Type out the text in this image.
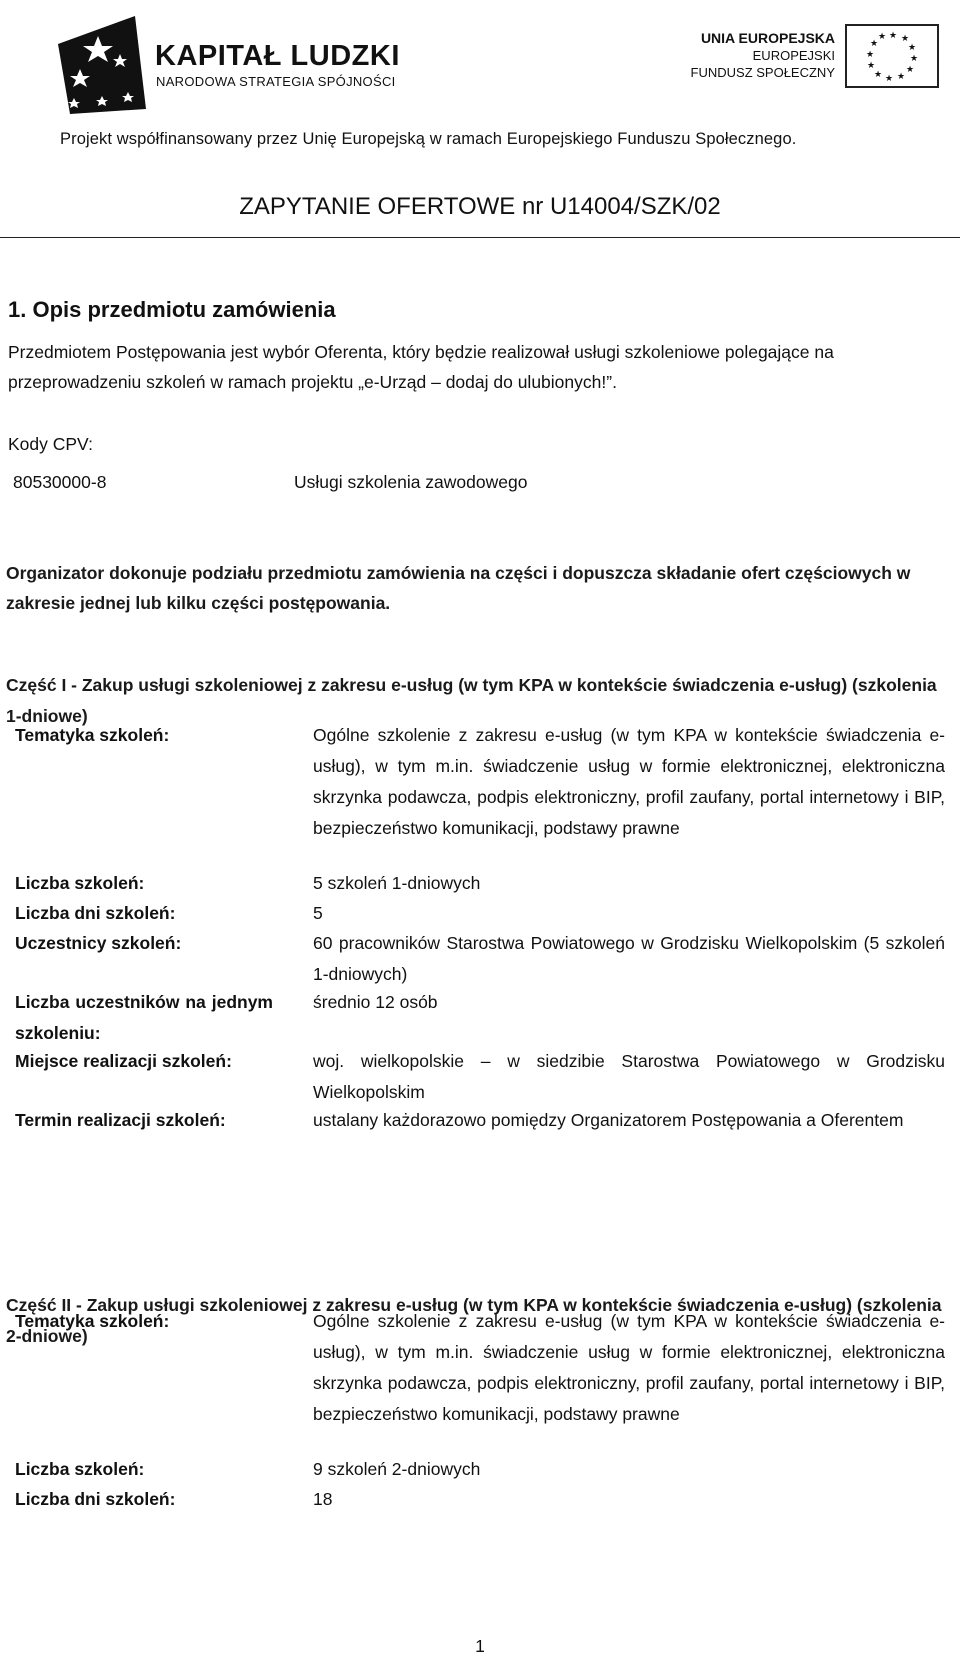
KAPITAŁ LUDZKI
NARODOWA STRATEGIA SPÓJNOŚCI
UNIA EUROPEJSKA
EUROPEJSKI
FUNDUSZ SPOŁECZNY
★ ★
★
★
★
★
★
★
★
★
★
★
Projekt współfinansowany przez Unię Europejską w ramach Europejskiego Funduszu Społecznego.
ZAPYTANIE OFERTOWE nr U14004/SZK/02
1. Opis przedmiotu zamówienia
Przedmiotem Postępowania jest wybór Oferenta, który będzie realizował usługi szkoleniowe polegające na przeprowadzeniu szkoleń w ramach projektu „e-Urząd – dodaj do ulubionych!”.
Kody CPV:
80530000-8	Usługi szkolenia zawodowego
Organizator dokonuje podziału przedmiotu zamówienia na części i dopuszcza składanie ofert częściowych w zakresie jednej lub kilku części postępowania.
Część I - Zakup usługi szkoleniowej z zakresu e-usług (w tym KPA w kontekście świadczenia e-usług) (szkolenia 1-dniowe)
Tematyka szkoleń:	Ogólne szkolenie z zakresu e-usług (w tym KPA w kontekście świadczenia e-usług), w tym m.in. świadczenie usług w formie elektronicznej, elektroniczna skrzynka podawcza, podpis elektroniczny, profil zaufany, portal internetowy i BIP, bezpieczeństwo komunikacji, podstawy prawne
Liczba szkoleń:	5 szkoleń 1-dniowych
Liczba dni szkoleń:	5
Uczestnicy szkoleń:	60 pracowników Starostwa Powiatowego w Grodzisku Wielkopolskim (5 szkoleń 1-dniowych)
Liczba uczestników na jednym szkoleniu:
średnio 12 osób
Miejsce realizacji szkoleń:	woj. wielkopolskie – w siedzibie Starostwa Powiatowego w Grodzisku Wielkopolskim
Termin realizacji szkoleń:	ustalany każdorazowo pomiędzy Organizatorem Postępowania a Oferentem
Część II - Zakup usługi szkoleniowej z zakresu e-usług (w tym KPA w kontekście świadczenia e-usług) (szkolenia 2-dniowe)
Tematyka szkoleń:	Ogólne szkolenie z zakresu e-usług (w tym KPA w kontekście świadczenia e-usług), w tym m.in. świadczenie usług w formie elektronicznej, elektroniczna skrzynka podawcza, podpis elektroniczny, profil zaufany, portal internetowy i BIP, bezpieczeństwo komunikacji, podstawy prawne
Liczba szkoleń:	9 szkoleń 2-dniowych
Liczba dni szkoleń:	18
1
